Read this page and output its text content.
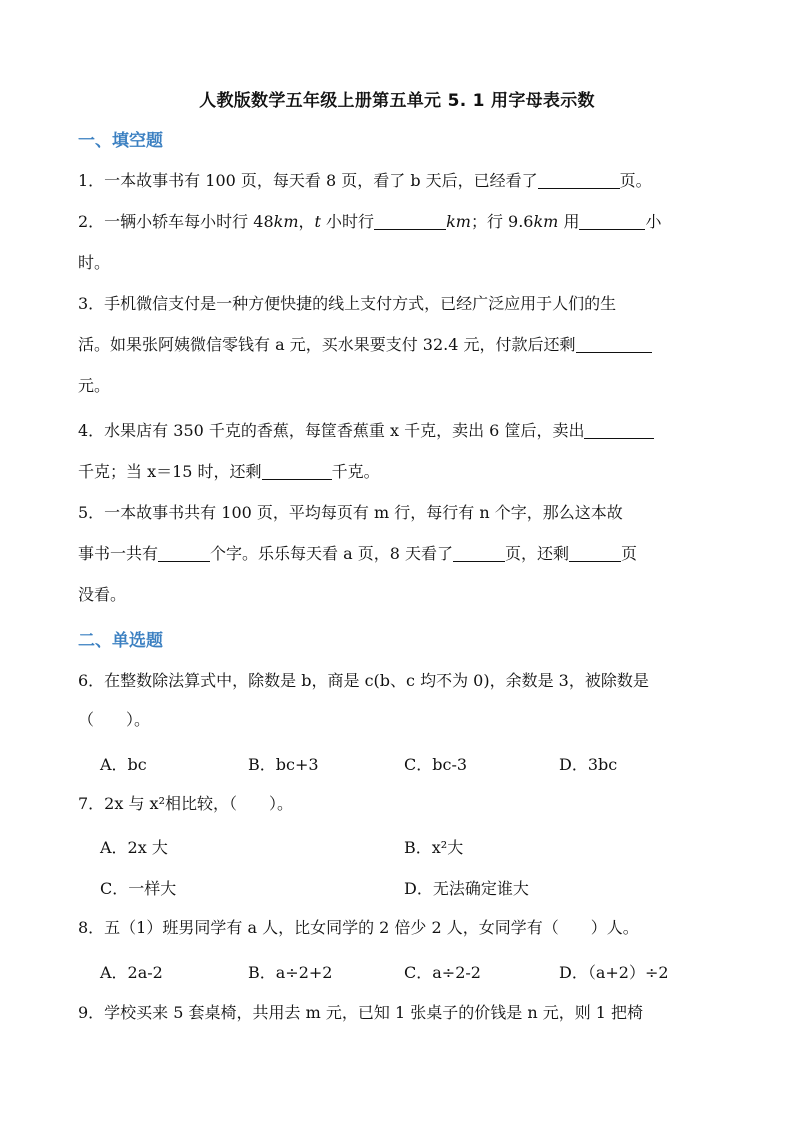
人教版数学五年级上册第五单元 5. 1 用字母表示数
一、填空题
1．一本故事书有 100 页，每天看 8 页，看了 b 天后，已经看了	页。
2．一辆小轿车每小时行 48km，t 小时行	km；行 9.6km 用	小
时。
3．手机微信支付是一种方便快捷的线上支付方式，已经广泛应用于人们的生
活。如果张阿姨微信零钱有 a 元，买水果要支付 32.4 元，付款后还剩
元。
4．水果店有 350 千克的香蕉，每筐香蕉重 x 千克，卖出 6 筐后，卖出
千克；当 x＝15 时，还剩	千克。
5．一本故事书共有 100 页，平均每页有 m 行，每行有 n 个字，那么这本故
事书一共有	个字。乐乐每天看 a 页，8 天看了	页，还剩	页
没看。
二、单选题
6．在整数除法算式中，除数是 b，商是 c(b、c 均不为 0)，余数是 3，被除数是
（　　）。
A．bc	B．bc+3	C．bc-3	D．3bc
7．2x 与 x²相比较，（　　）。
A．2x 大	B．x²大
C．一样大	D．无法确定谁大
8．五（1）班男同学有 a 人，比女同学的 2 倍少 2 人，女同学有（　　）人。
A．2a-2	B．a÷2+2	C．a÷2-2	D．（a+2）÷2
9．学校买来 5 套桌椅，共用去 m 元，已知 1 张桌子的价钱是 n 元，则 1 把椅
